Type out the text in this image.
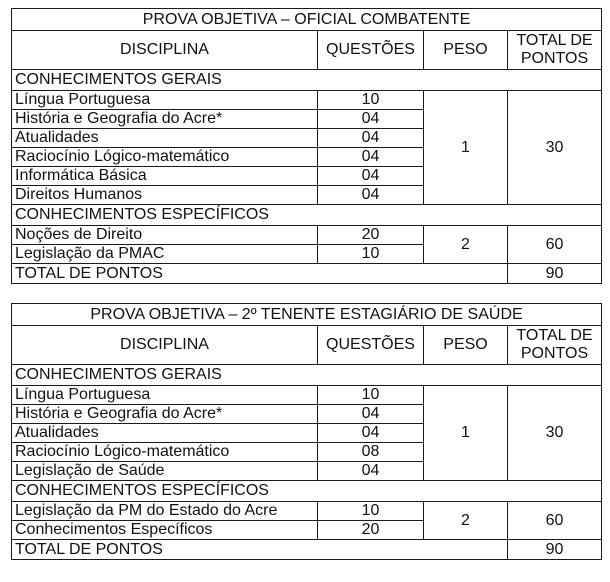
PROVA OBJETIVA – OFICIAL COMBATENTE			
DISCIPLINA	QUESTÕES	PESO	TOTAL DE
PONTOS

CONHECIMENTOS GERAIS			
Língua Portuguesa	10	1	30
História e Geografia do Acre*	04		
Atualidades	04		
Raciocínio Lógico-matemático	04		
Informática Básica	04		
Direitos Humanos	04		
CONHECIMENTOS ESPECÍFICOS			
Noções de Direito	20	2	60
Legislação da PMAC	10		
TOTAL DE PONTOS			90
PROVA OBJETIVA – 2º TENENTE ESTAGIÁRIO DE SAÚDE			
DISCIPLINA	QUESTÕES	PESO	TOTAL DE
PONTOS

CONHECIMENTOS GERAIS			
Língua Portuguesa	10	1	30
História e Geografia do Acre*	04		
Atualidades	04		
Raciocínio Lógico-matemático	08		
Legislação de Saúde	04		
CONHECIMENTOS ESPECÍFICOS			
Legislação da PM do Estado do Acre	10	2	60
Conhecimentos Específicos	20		
TOTAL DE PONTOS			90
